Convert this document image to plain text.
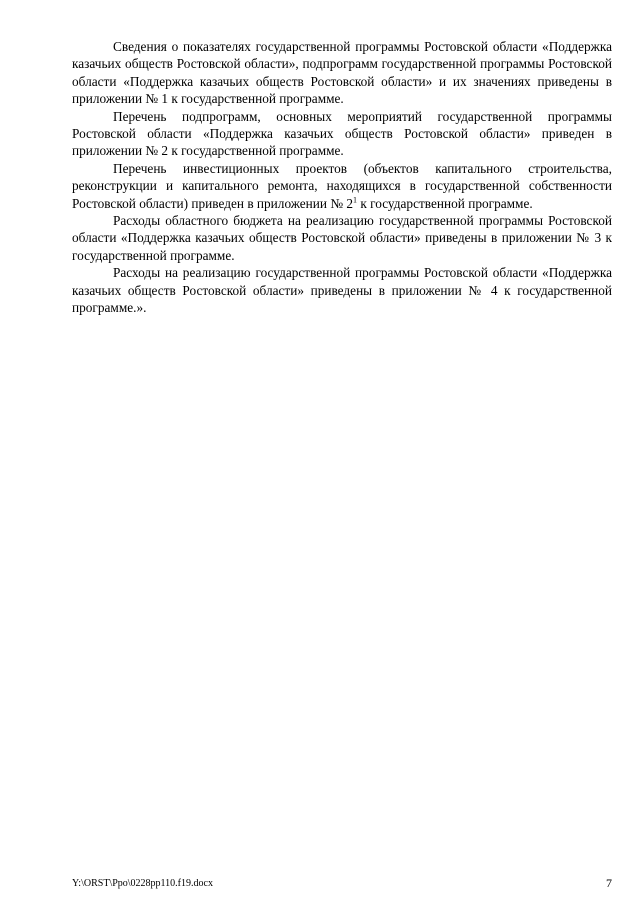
Сведения о показателях государственной программы Ростовской области «Поддержка казачьих обществ Ростовской области», подпрограмм государственной программы Ростовской области «Поддержка казачьих обществ Ростовской области» и их значениях приведены в приложении № 1 к государственной программе.

Перечень подпрограмм, основных мероприятий государственной программы Ростовской области «Поддержка казачьих обществ Ростовской области» приведен в приложении № 2 к государственной программе.

Перечень инвестиционных проектов (объектов капитального строительства, реконструкции и капитального ремонта, находящихся в государственной собственности Ростовской области) приведен в приложении № $2^1$ к государственной программе.

Расходы областного бюджета на реализацию государственной программы Ростовской области «Поддержка казачьих обществ Ростовской области» приведены в приложении № 3 к государственной программе.

Расходы на реализацию государственной программы Ростовской области «Поддержка казачьих обществ Ростовской области» приведены в приложении № 4 к государственной программе.».

Y:\ORST\Ppo\0228pp110.f19.docx	7
